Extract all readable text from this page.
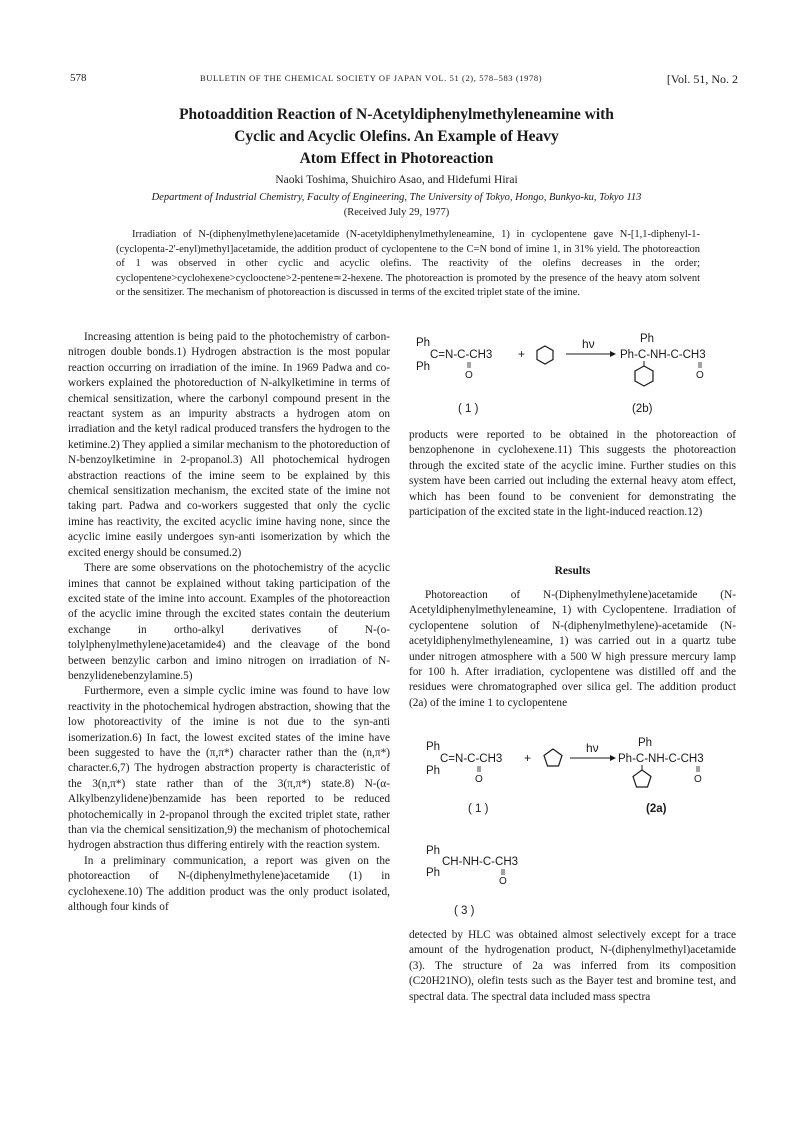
578	BULLETIN OF THE CHEMICAL SOCIETY OF JAPAN VOL. 51 (2), 578–583 (1978)	[Vol. 51, No. 2
Photoaddition Reaction of N-Acetyldiphenylmethyleneamine with
Cyclic and Acyclic Olefins. An Example of Heavy
Atom Effect in Photoreaction
Naoki Toshima, Shuichiro Asao, and Hidefumi Hirai
Department of Industrial Chemistry, Faculty of Engineering, The University of Tokyo, Hongo, Bunkyo-ku, Tokyo 113
(Received July 29, 1977)

Irradiation of N-(diphenylmethylene)acetamide (N-acetyldiphenylmethyleneamine, 1) in cyclopentene gave N-[1,1-diphenyl-1-(cyclopenta-2'-enyl)methyl]acetamide, the addition product of cyclopentene to the C=N bond of imine 1, in 31% yield. The photoreaction of 1 was observed in other cyclic and acyclic olefins. The reactivity of the olefins decreases in the order; cyclopentene>cyclohexene>cyclooctene>2-pentene≃2-hexene. The photoreaction is promoted by the presence of the heavy atom solvent or the sensitizer. The mechanism of photoreaction is discussed in terms of the excited triplet state of the imine.

Increasing attention is being paid to the photochemistry of carbon-nitrogen double bonds.1) Hydrogen abstraction is the most popular reaction occurring on irradiation of the imine. In 1969 Padwa and co-workers explained the photoreduction of N-alkylketimine in terms of chemical sensitization, where the carbonyl compound present in the reactant system as an impurity abstracts a hydrogen atom on irradiation and the ketyl radical produced transfers the hydrogen to the ketimine.2) They applied a similar mechanism to the photoreduction of N-benzoylketimine in 2-propanol.3) All photochemical hydrogen abstraction reactions of the imine seem to be explained by this chemical sensitization mechanism, the excited state of the imine not taking part. Padwa and co-workers suggested that only the cyclic imine has reactivity, the excited acyclic imine having none, since the acyclic imine easily undergoes syn-anti isomerization by which the excited energy should be consumed.2)

There are some observations on the photochemistry of the acyclic imines that cannot be explained without taking participation of the excited state of the imine into account. Examples of the photoreaction of the acyclic imine through the excited states contain the deuterium exchange in ortho-alkyl derivatives of N-(o-tolylphenylmethylene)acetamide4) and the cleavage of the bond between benzylic carbon and imino nitrogen on irradiation of N-benzylidenebenzylamine.5)

Furthermore, even a simple cyclic imine was found to have low reactivity in the photochemical hydrogen abstraction, showing that the low photoreactivity of the imine is not due to the syn-anti isomerization.6) In fact, the lowest excited states of the imine have been suggested to have the (π,π*) character rather than the (n,π*) character.6,7) The hydrogen abstraction property is characteristic of the 3(n,π*) state rather than of the 3(π,π*) state.8) N-(α-Alkylbenzylidene)benzamide has been reported to be reduced photochemically in 2-propanol through the excited triplet state, rather than via the chemical sensitization,9) the mechanism of photochemical hydrogen abstraction thus differing entirely with the reaction system.

In a preliminary communication, a report was given on the photoreaction of N-(diphenylmethylene)acetamide (1) in cyclohexene.10) The addition product was the only product isolated, although four kinds of

Ph
Ph
C=N-C-CH3
O
+
hν	Ph
Ph-C-NH-C-CH3
O
( 1 )	(2b)

products were reported to be obtained in the photoreaction of benzophenone in cyclohexene.11) This suggests the photoreaction through the excited state of the acyclic imine. Further studies on this system have been carried out including the external heavy atom effect, which has been found to be convenient for demonstrating the participation of the excited state in the light-induced reaction.12)

Results

Photoreaction of N-(Diphenylmethylene)acetamide (N-Acetyldiphenylmethyleneamine, 1) with Cyclopentene. Irradiation of cyclopentene solution of N-(diphenylmethylene)-acetamide (N-acetyldiphenylmethyleneamine, 1) was carried out in a quartz tube under nitrogen atmosphere with a 500 W high pressure mercury lamp for 100 h. After irradiation, cyclopentene was distilled off and the residues were chromatographed over silica gel. The addition product (2a) of the imine 1 to cyclopentene

Ph
Ph
C=N-C-CH3
O
+
hν	Ph
Ph-C-NH-C-CH3
O
( 1 )	(2a)
Ph
Ph
CH-NH-C-CH3
O
( 3 )

detected by HLC was obtained almost selectively except for a trace amount of the hydrogenation product, N-(diphenylmethyl)acetamide (3). The structure of 2a was inferred from its composition (C20H21NO), olefin tests such as the Bayer test and bromine test, and spectral data. The spectral data included mass spectra
